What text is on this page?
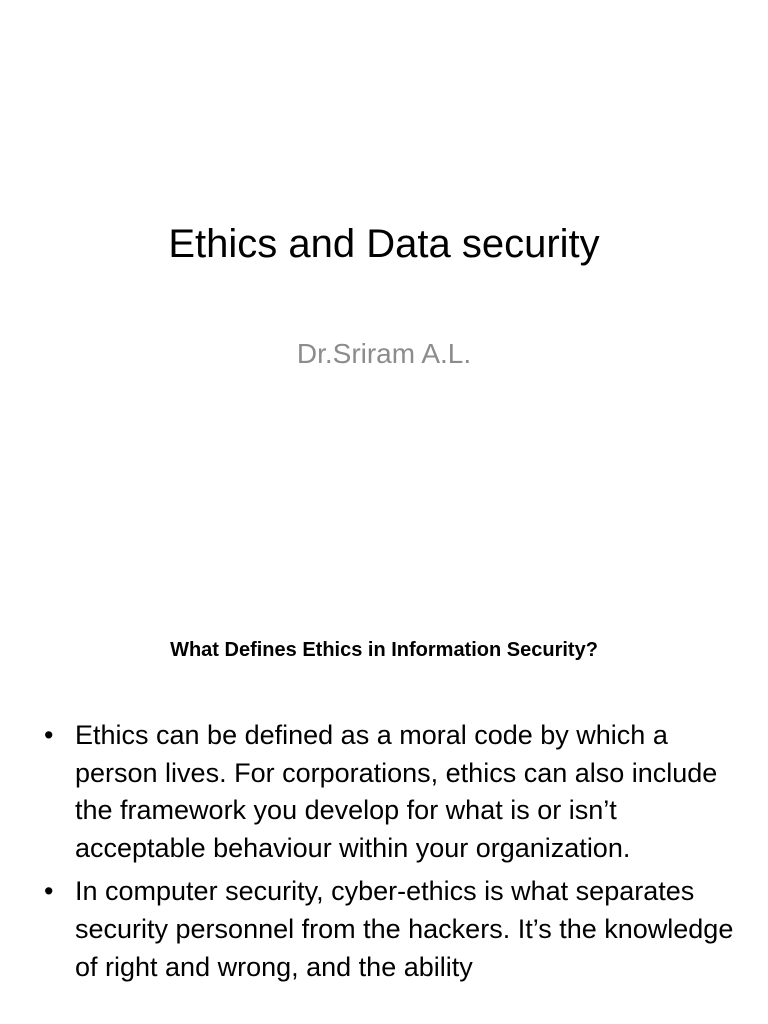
Ethics and Data security
Dr.Sriram A.L.
What Defines Ethics in Information Security?
• Ethics can be defined as a moral code by which a person lives. For corporations, ethics can also include the framework you develop for what is or isn’t acceptable behaviour within your organization.
• In computer security, cyber-ethics is what separates security personnel from the hackers. It’s the knowledge of right and wrong, and the ability
